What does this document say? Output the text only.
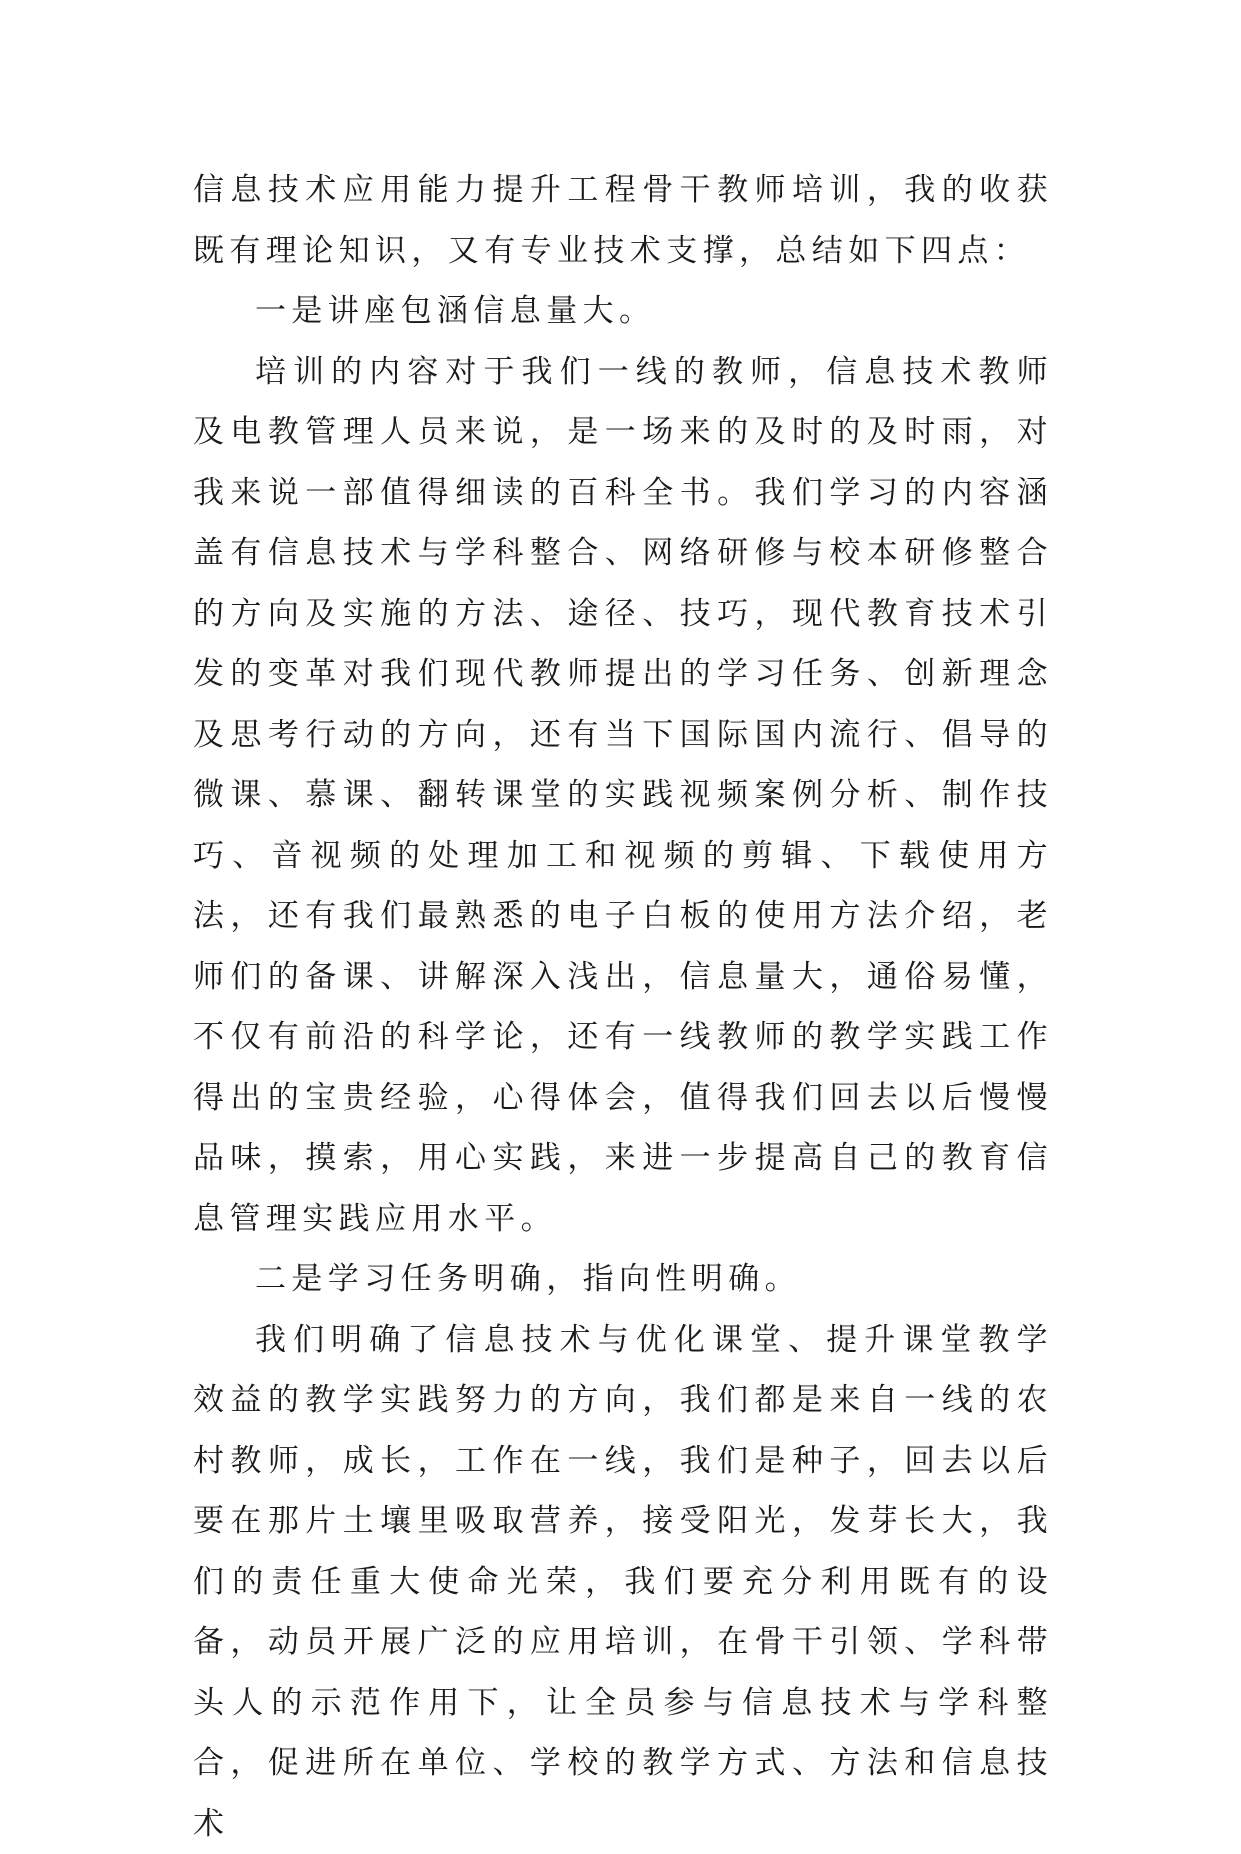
信息技术应用能力提升工程骨干教师培训，我的收获既有理论知识，又有专业技术支撑，总结如下四点：

一是讲座包涵信息量大。

培训的内容对于我们一线的教师，信息技术教师及电教管理人员来说，是一场来的及时的及时雨，对我来说一部值得细读的百科全书。我们学习的内容涵盖有信息技术与学科整合、网络研修与校本研修整合的方向及实施的方法、途径、技巧，现代教育技术引发的变革对我们现代教师提出的学习任务、创新理念及思考行动的方向，还有当下国际国内流行、倡导的微课、慕课、翻转课堂的实践视频案例分析、制作技巧、音视频的处理加工和视频的剪辑、下载使用方法，还有我们最熟悉的电子白板的使用方法介绍，老师们的备课、讲解深入浅出，信息量大，通俗易懂，不仅有前沿的科学论，还有一线教师的教学实践工作得出的宝贵经验，心得体会，值得我们回去以后慢慢品味，摸索，用心实践，来进一步提高自己的教育信息管理实践应用水平。

二是学习任务明确，指向性明确。

我们明确了信息技术与优化课堂、提升课堂教学效益的教学实践努力的方向，我们都是来自一线的农村教师，成长，工作在一线，我们是种子，回去以后要在那片土壤里吸取营养，接受阳光，发芽长大，我们的责任重大使命光荣，我们要充分利用既有的设备，动员开展广泛的应用培训，在骨干引领、学科带头人的示范作用下，让全员参与信息技术与学科整合，促进所在单位、学校的教学方式、方法和信息技术
